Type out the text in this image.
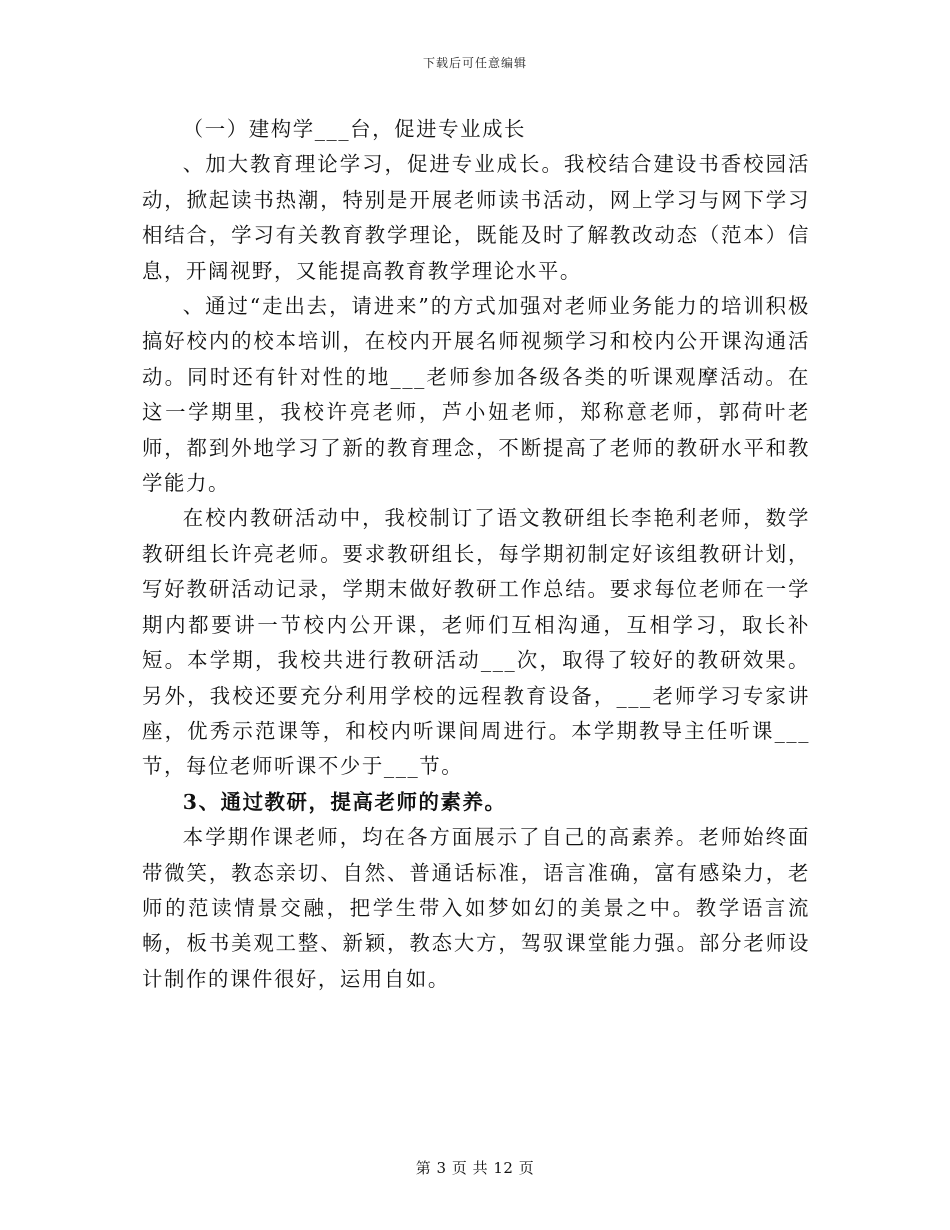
下载后可任意编辑

（一）建构学___台，促进专业成长

、加大教育理论学习，促进专业成长。我校结合建设书香校园活动，掀起读书热潮，特别是开展老师读书活动，网上学习与网下学习相结合，学习有关教育教学理论，既能及时了解教改动态（范本）信息，开阔视野，又能提高教育教学理论水平。

、通过“走出去，请进来”的方式加强对老师业务能力的培训积极搞好校内的校本培训，在校内开展名师视频学习和校内公开课沟通活动。同时还有针对性的地___老师参加各级各类的听课观摩活动。在这一学期里，我校许亮老师，芦小妞老师，郑称意老师，郭荷叶老师，都到外地学习了新的教育理念，不断提高了老师的教研水平和教学能力。

在校内教研活动中，我校制订了语文教研组长李艳利老师，数学教研组长许亮老师。要求教研组长，每学期初制定好该组教研计划，写好教研活动记录，学期末做好教研工作总结。要求每位老师在一学期内都要讲一节校内公开课，老师们互相沟通，互相学习，取长补短。本学期，我校共进行教研活动___次，取得了较好的教研效果。另外，我校还要充分利用学校的远程教育设备，___老师学习专家讲座，优秀示范课等，和校内听课间周进行。本学期教导主任听课___节，每位老师听课不少于___节。

3、通过教研，提高老师的素养。

本学期作课老师，均在各方面展示了自己的高素养。老师始终面带微笑，教态亲切、自然、普通话标准，语言准确，富有感染力，老师的范读情景交融，把学生带入如梦如幻的美景之中。教学语言流畅，板书美观工整、新颖，教态大方，驾驭课堂能力强。部分老师设计制作的课件很好，运用自如。

第 3 页 共 12 页
